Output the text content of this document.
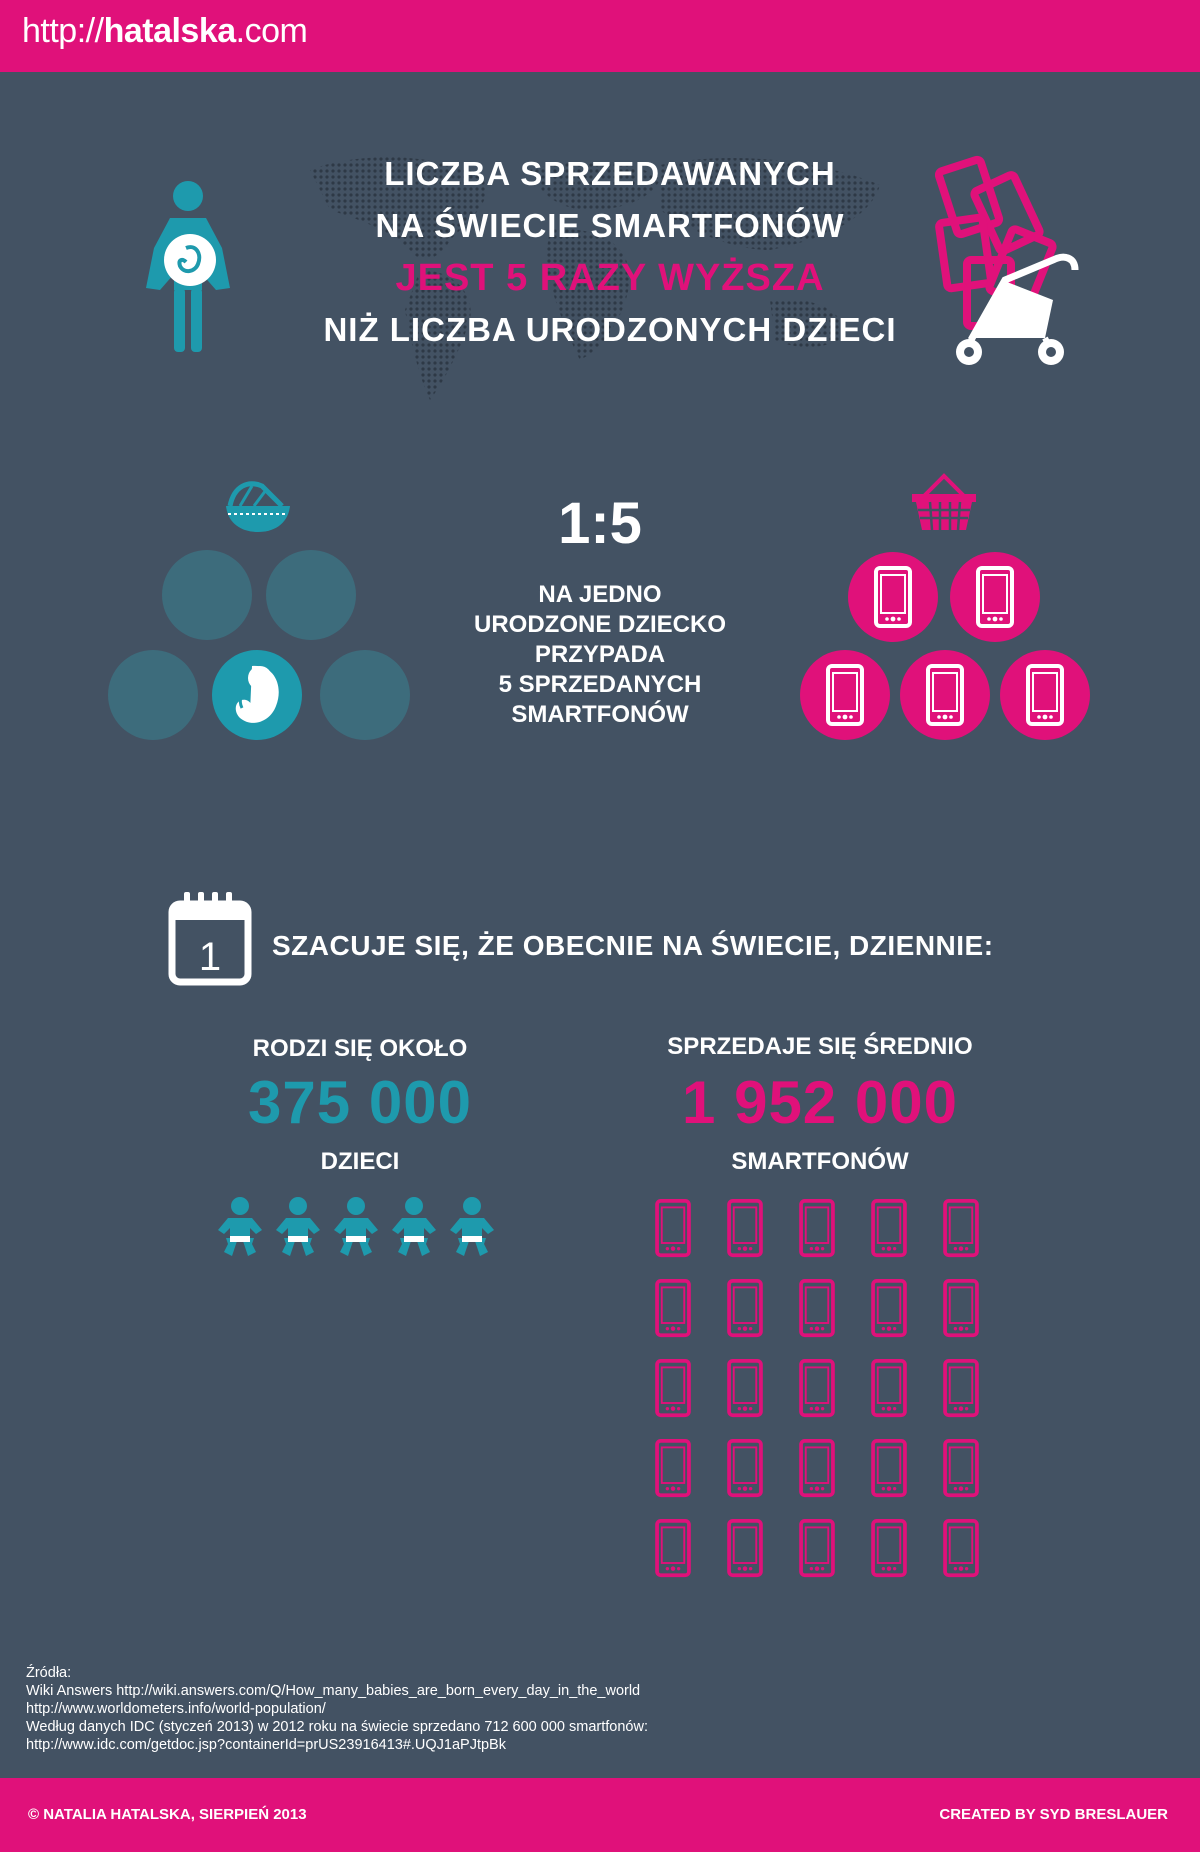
http://hatalska.com
LICZBA SPRZEDAWANYCH
NA ŚWIECIE SMARTFONÓW
JEST 5 RAZY WYŻSZA
NIŻ LICZBA URODZONYCH DZIECI
1:5
NA JEDNO
URODZONE DZIECKO
PRZYPADA
5 SPRZEDANYCH
SMARTFONÓW
1 SZACUJE SIĘ, ŻE OBECNIE NA ŚWIECIE, DZIENNIE:
RODZI SIĘ OKOŁO
375 000
DZIECI
SPRZEDAJE SIĘ ŚREDNIO
1 952 000
SMARTFONÓW
Źródła:
Wiki Answers http://wiki.answers.com/Q/How_many_babies_are_born_every_day_in_the_world
http://www.worldometers.info/world-population/
Według danych IDC (styczeń 2013) w 2012 roku na świecie sprzedano 712 600 000 smartfonów:
http://www.idc.com/getdoc.jsp?containerId=prUS23916413#.UQJ1aPJtpBk
© NATALIA HATALSKA, SIERPIEŃ 2013	CREATED BY SYD BRESLAUER
